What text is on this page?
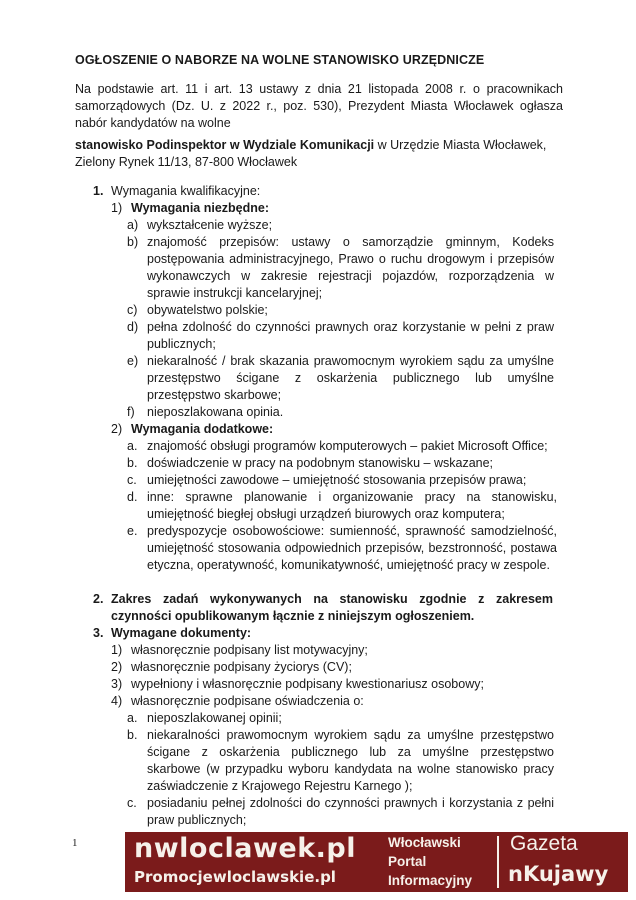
OGŁOSZENIE O NABORZE NA WOLNE STANOWISKO URZĘDNICZE
Na podstawie art. 11 i art. 13 ustawy z dnia 21 listopada 2008 r. o pracownikach samorządowych (Dz. U. z 2022 r., poz. 530), Prezydent Miasta Włocławek ogłasza nabór kandydatów na wolne
stanowisko Podinspektor w Wydziale Komunikacji w Urzędzie Miasta Włocławek, Zielony Rynek 11/13, 87-800 Włocławek
1. Wymagania kwalifikacyjne:
1) Wymagania niezbędne:
a) wykształcenie wyższe;
b) znajomość przepisów: ustawy o samorządzie gminnym, Kodeks postępowania administracyjnego, Prawo o ruchu drogowym i przepisów wykonawczych w zakresie rejestracji pojazdów, rozporządzenia w sprawie instrukcji kancelaryjnej;
c) obywatelstwo polskie;
d) pełna zdolność do czynności prawnych oraz korzystanie w pełni z praw publicznych;
e) niekaralność / brak skazania prawomocnym wyrokiem sądu za umyślne przestępstwo ścigane z oskarżenia publicznego lub umyślne przestępstwo skarbowe;
f) nieposzlakowana opinia.
2) Wymagania dodatkowe:
a. znajomość obsługi programów komputerowych – pakiet Microsoft Office;
b. doświadczenie w pracy na podobnym stanowisku – wskazane;
c. umiejętności zawodowe – umiejętność stosowania przepisów prawa;
d. inne: sprawne planowanie i organizowanie pracy na stanowisku, umiejętność biegłej obsługi urządzeń biurowych oraz komputera;
e. predyspozycje osobowościowe: sumienność, sprawność samodzielność, umiejętność stosowania odpowiednich przepisów, bezstronność, postawa etyczna, operatywność, komunikatywność, umiejętność pracy w zespole.
2. Zakres zadań wykonywanych na stanowisku zgodnie z zakresem czynności opublikowanym łącznie z niniejszym ogłoszeniem.
3. Wymagane dokumenty:
1) własnoręcznie podpisany list motywacyjny;
2) własnoręcznie podpisany życiorys (CV);
3) wypełniony i własnoręcznie podpisany kwestionariusz osobowy;
4) własnoręcznie podpisane oświadczenia o:
a. nieposzlakowanej opinii;
b. niekaralności prawomocnym wyrokiem sądu za umyślne przestępstwo ścigane z oskarżenia publicznego lub za umyślne przestępstwo skarbowe (w przypadku wyboru kandydata na wolne stanowisko pracy zaświadczenie z Krajowego Rejestru Karnego );
c. posiadaniu pełnej zdolności do czynności prawnych i korzystania z pełni praw publicznych;
1 nwloclawek.pl
Promocjewloclawskie.pl
Włocławski
Portal
Informacyjny
Gazeta
nKujawy
